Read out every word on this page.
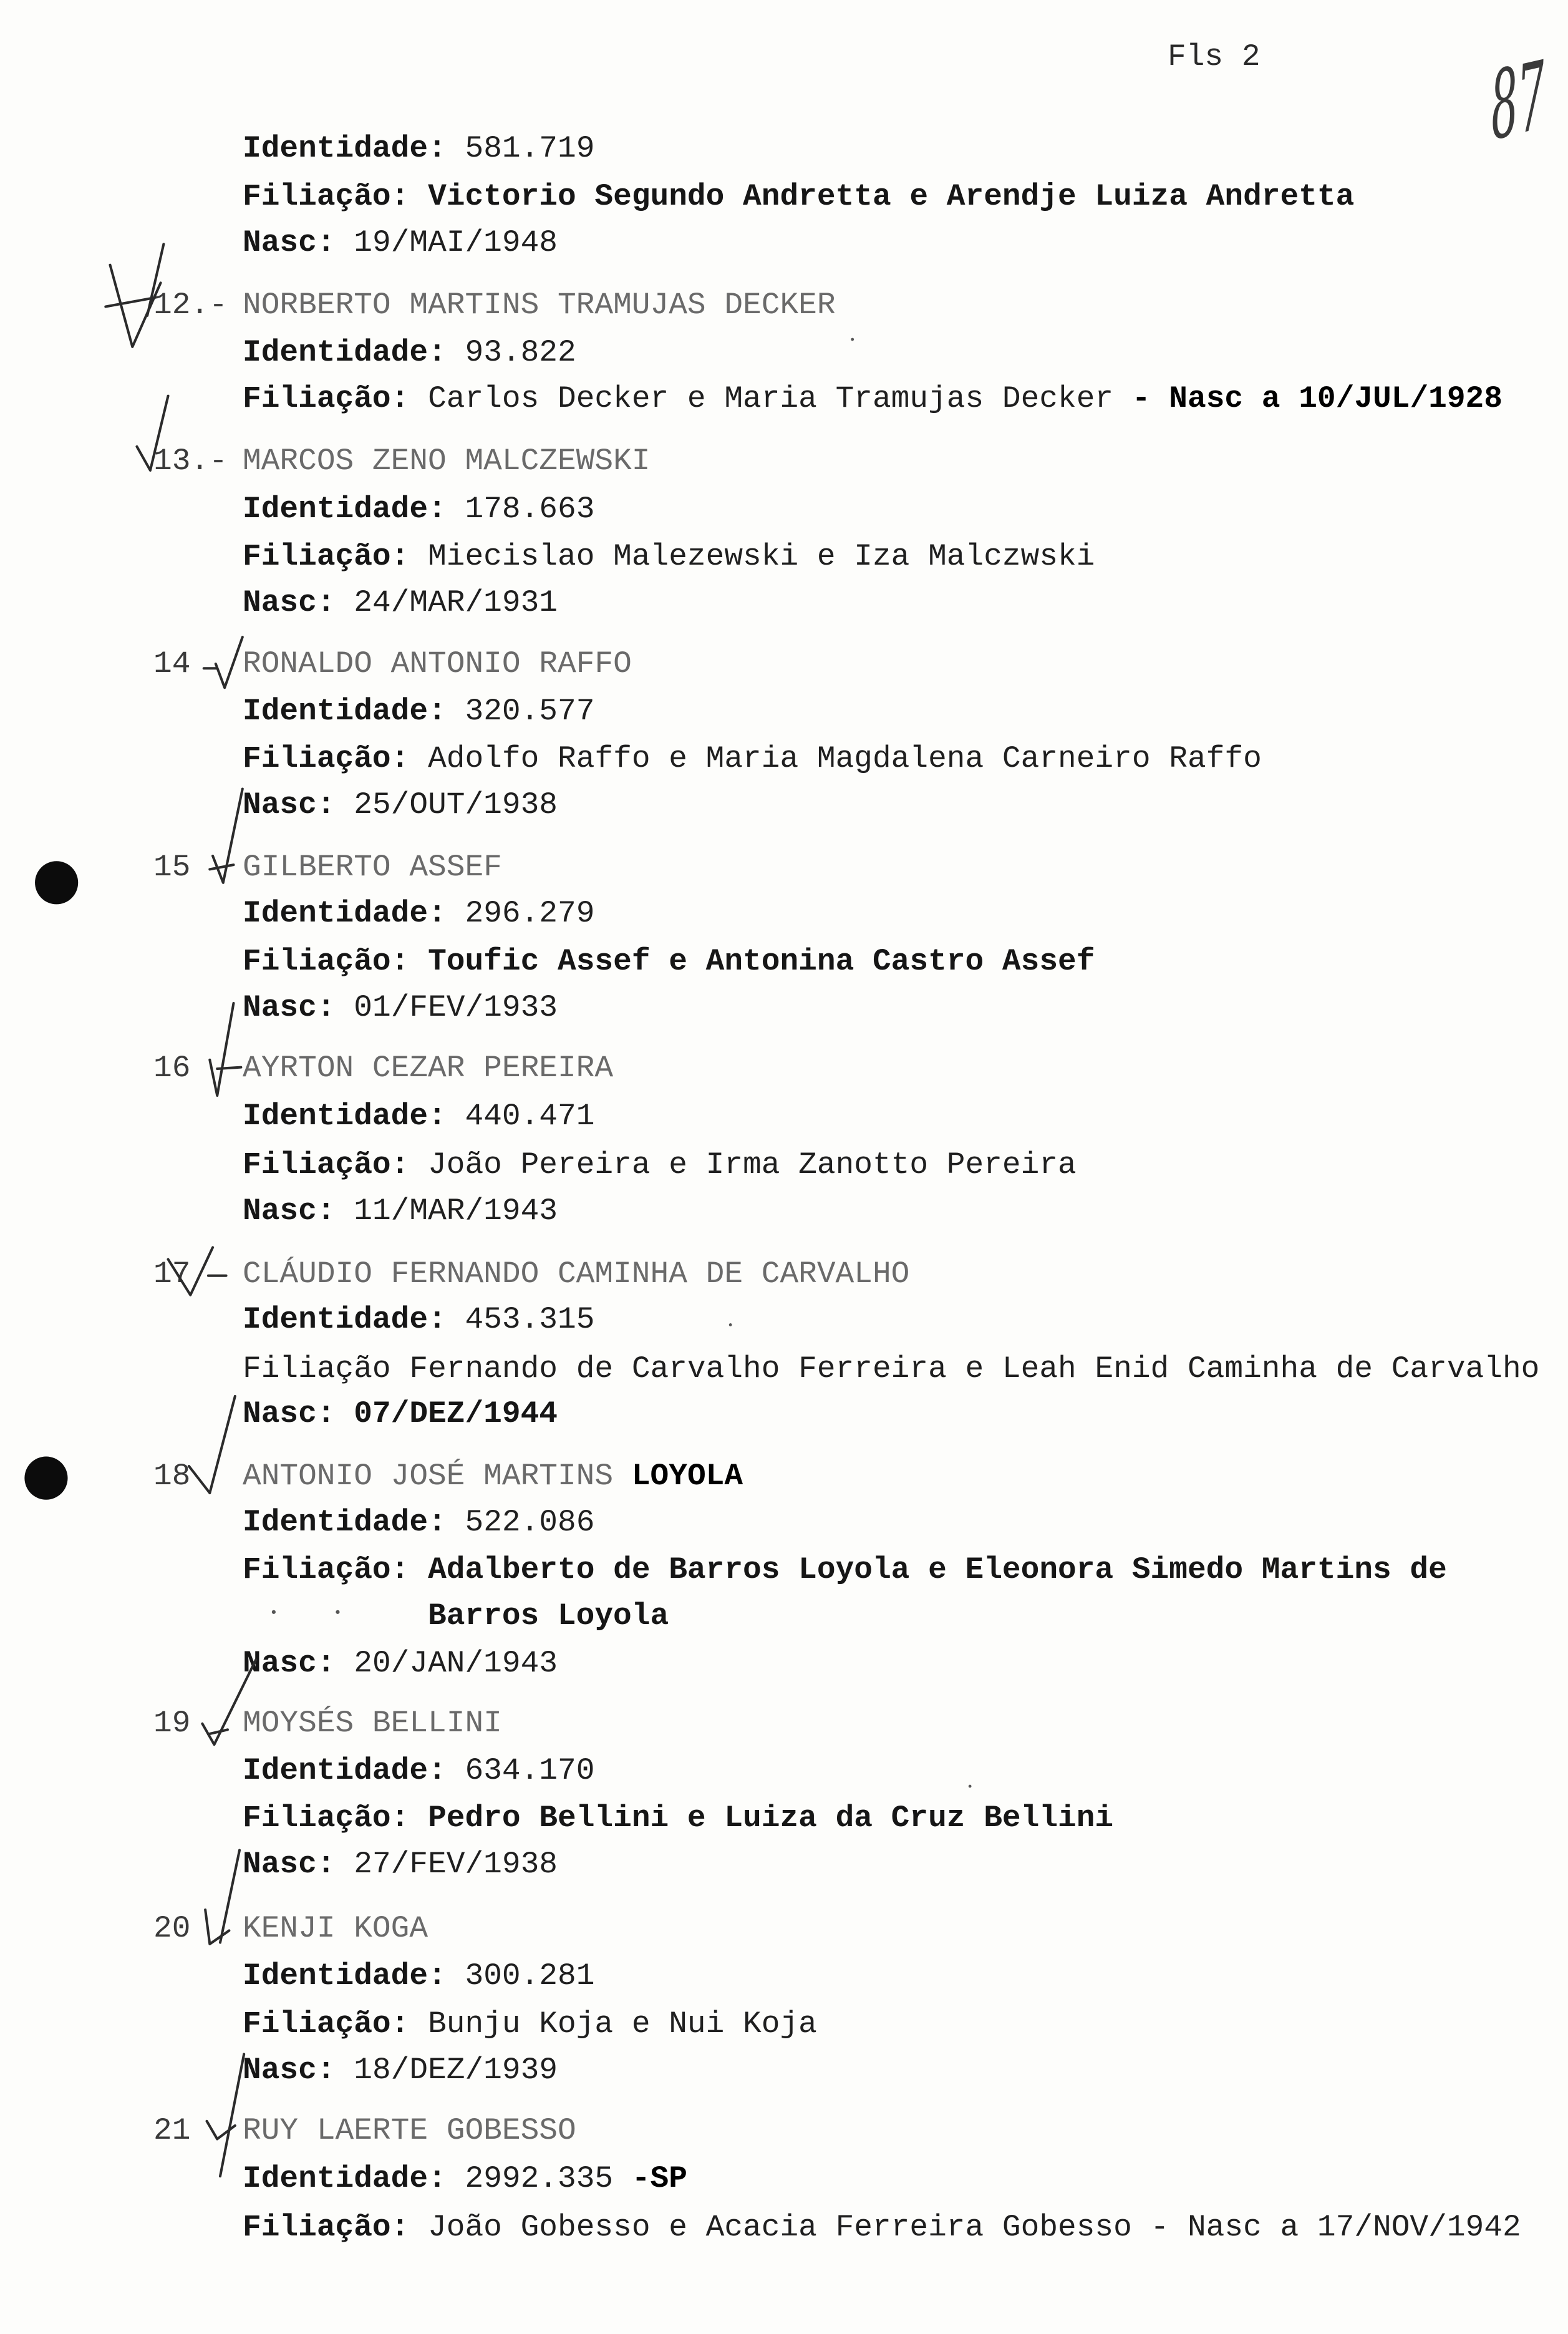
Fls 2 87
Identidade: 581.719
Filiação: Victorio Segundo Andretta e Arendje Luiza Andretta
Nasc: 19/MAI/1948
12.- NORBERTO MARTINS TRAMUJAS DECKER
Identidade: 93.822
Filiação: Carlos Decker e Maria Tramujas Decker - Nasc a 10/JUL/1928
13.- MARCOS ZENO MALCZEWSKI
Identidade: 178.663
Filiação: Miecislao Malezewski e Iza Malczwski
Nasc: 24/MAR/1931
14 RONALDO ANTONIO RAFFO
Identidade: 320.577
Filiação: Adolfo Raffo e Maria Magdalena Carneiro Raffo
Nasc: 25/OUT/1938
15 GILBERTO ASSEF
Identidade: 296.279
Filiação: Toufic Assef e Antonina Castro Assef
Nasc: 01/FEV/1933
16 AYRTON CEZAR PEREIRA
Identidade: 440.471
Filiação: João Pereira e Irma Zanotto Pereira
Nasc: 11/MAR/1943
17 CLÁUDIO FERNANDO CAMINHA DE CARVALHO
Identidade: 453.315
Filiação Fernando de Carvalho Ferreira e Leah Enid Caminha de Carvalho
Nasc: 07/DEZ/1944
18 ANTONIO JOSÉ MARTINS LOYOLA
Identidade: 522.086
Filiação: Adalberto de Barros Loyola e Eleonora Simedo Martins de
Barros Loyola
Nasc: 20/JAN/1943
19 MOYSÉS BELLINI
Identidade: 634.170
Filiação: Pedro Bellini e Luiza da Cruz Bellini
Nasc: 27/FEV/1938
20 KENJI KOGA
Identidade: 300.281
Filiação: Bunju Koja e Nui Koja
Nasc: 18/DEZ/1939
21 RUY LAERTE GOBESSO
Identidade: 2992.335 -SP
Filiação: João Gobesso e Acacia Ferreira Gobesso - Nasc a 17/NOV/1942
